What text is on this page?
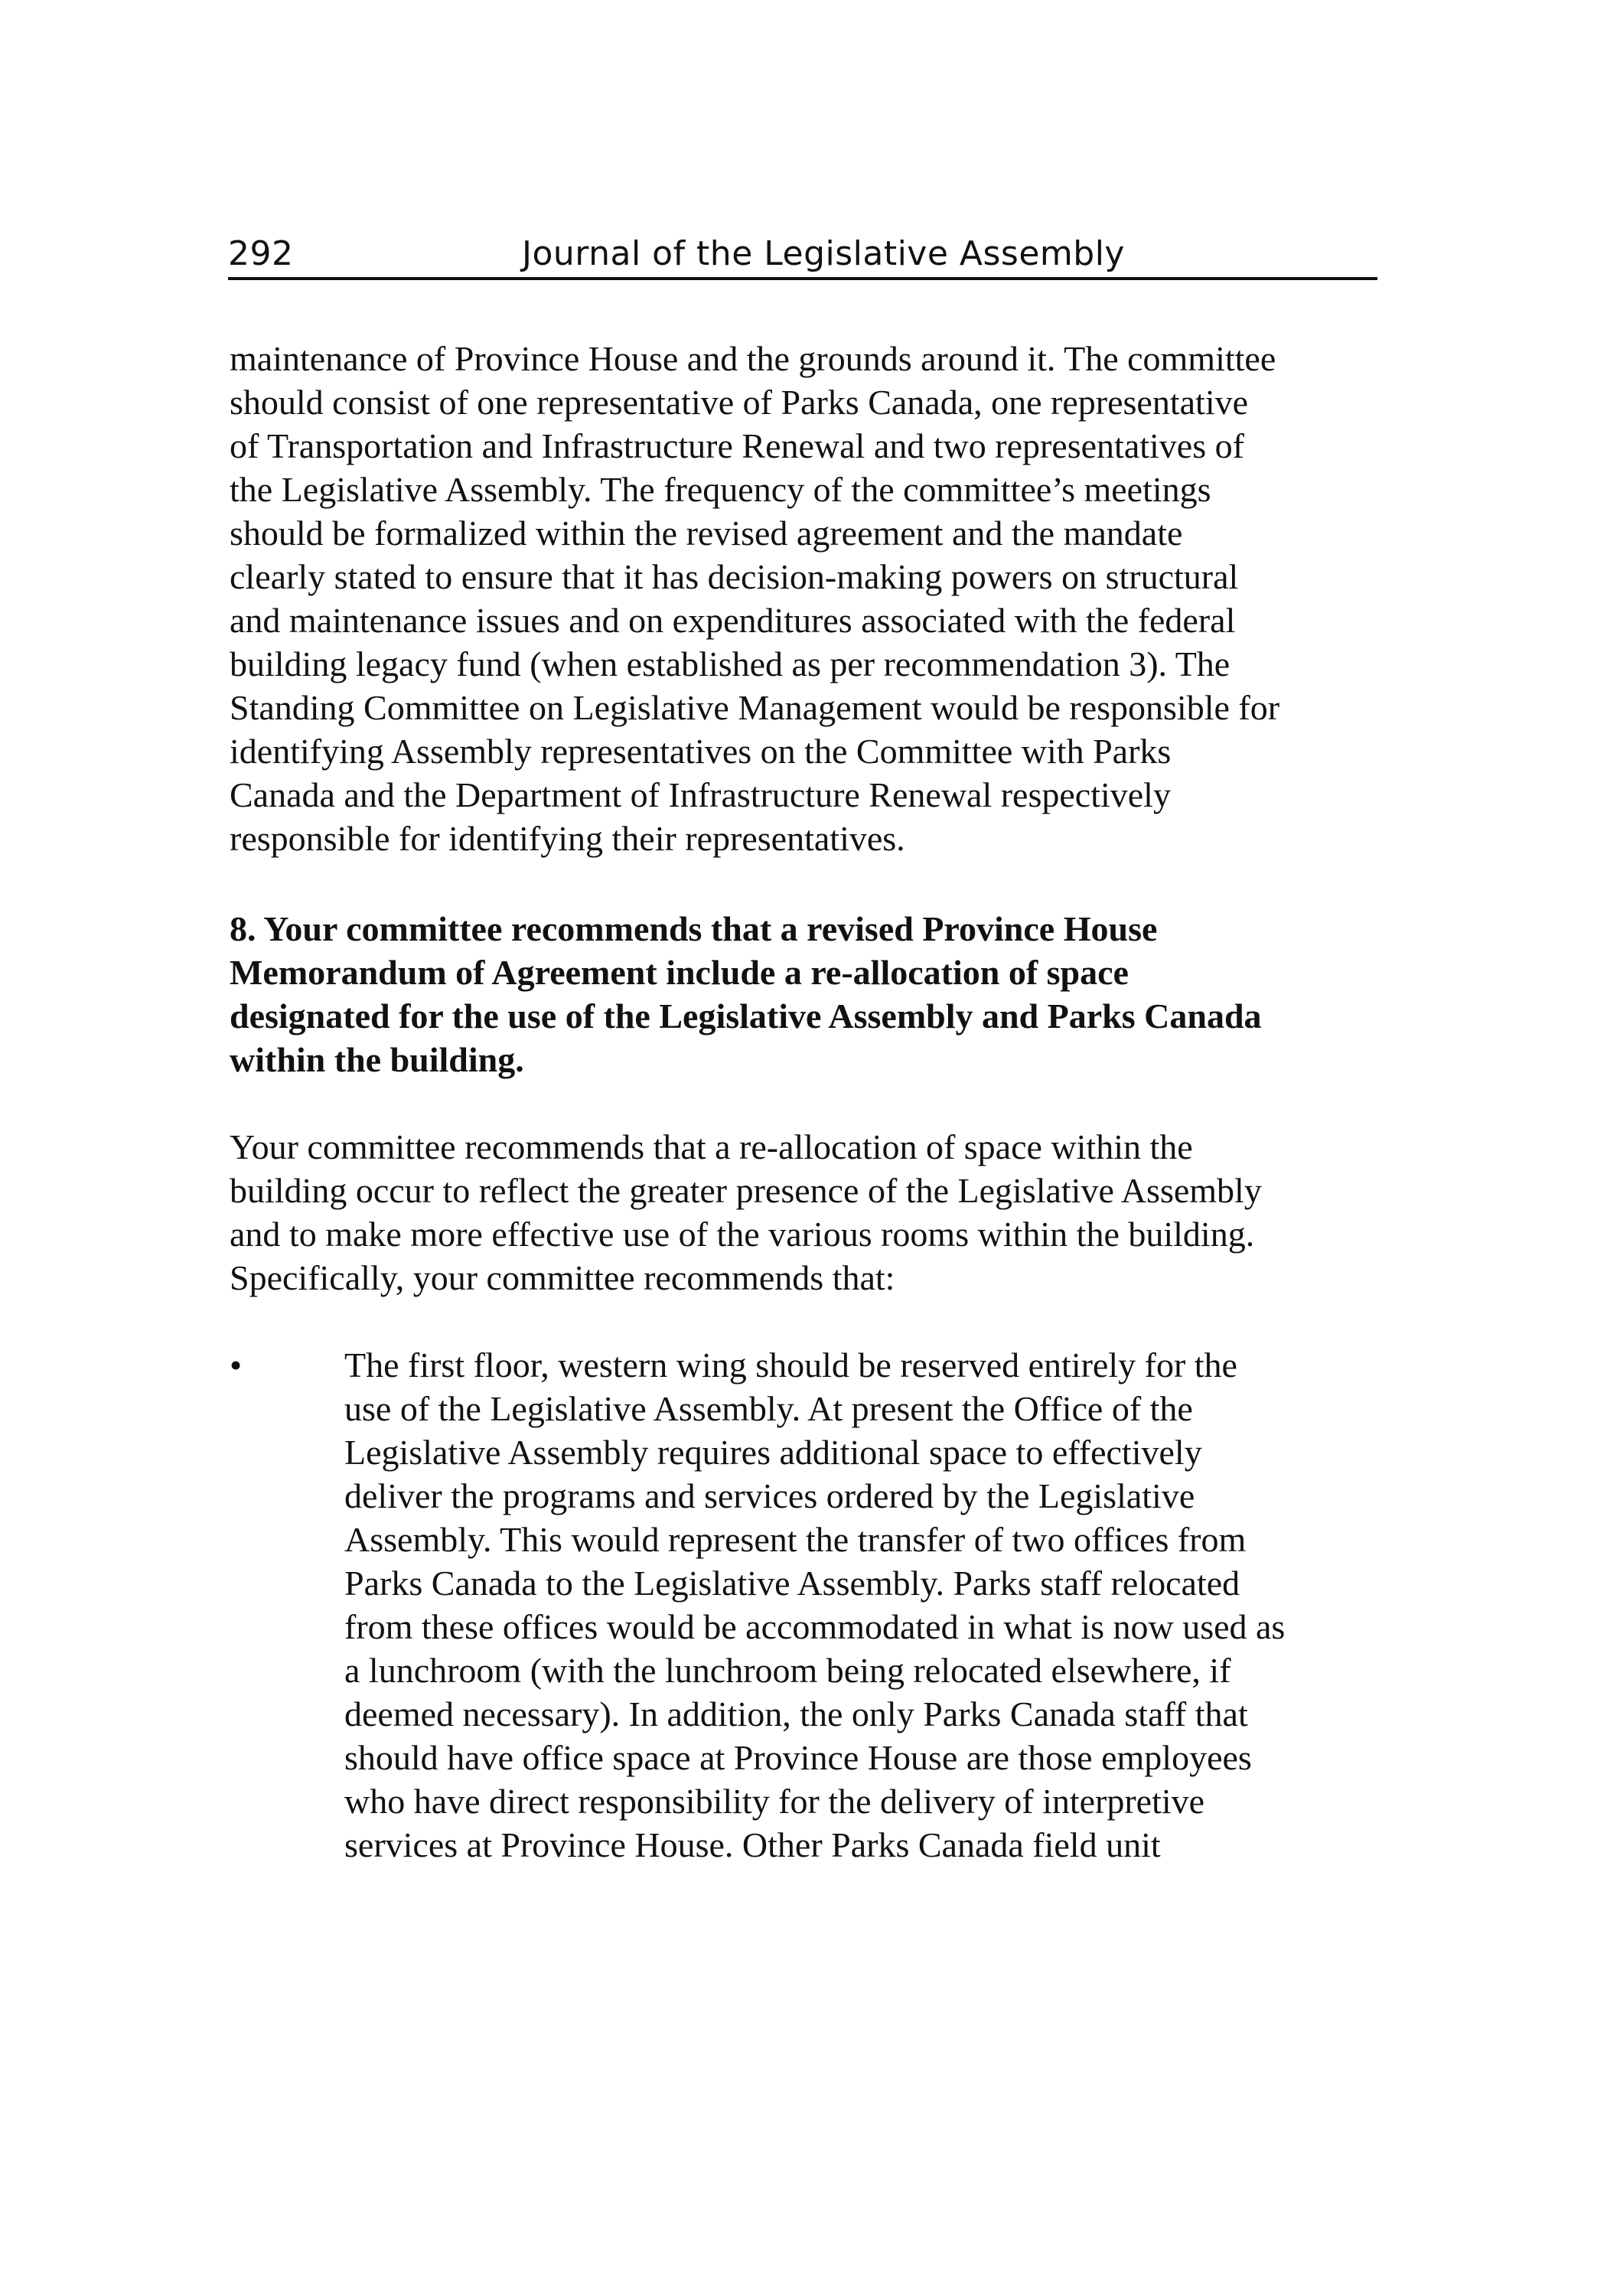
292	Journal of the Legislative Assembly

maintenance of Province House and the grounds around it. The committee
should consist of one representative of Parks Canada, one representative
of Transportation and Infrastructure Renewal and two representatives of
the Legislative Assembly. The frequency of the committee’s meetings
should be formalized within the revised agreement and the mandate
clearly stated to ensure that it has decision-making powers on structural
and maintenance issues and on expenditures associated with the federal
building legacy fund (when established as per recommendation 3). The
Standing Committee on Legislative Management would be responsible for
identifying Assembly representatives on the Committee with Parks
Canada and the Department of Infrastructure Renewal respectively
responsible for identifying their representatives.

8. Your committee recommends that a revised Province House
Memorandum of Agreement include a re-allocation of space
designated for the use of the Legislative Assembly and Parks Canada
within the building.

Your committee recommends that a re-allocation of space within the
building occur to reflect the greater presence of the Legislative Assembly
and to make more effective use of the various rooms within the building.
Specifically, your committee recommends that:

•	The first floor, western wing should be reserved entirely for the
use of the Legislative Assembly. At present the Office of the
Legislative Assembly requires additional space to effectively
deliver the programs and services ordered by the Legislative
Assembly. This would represent the transfer of two offices from
Parks Canada to the Legislative Assembly. Parks staff relocated
from these offices would be accommodated in what is now used as
a lunchroom (with the lunchroom being relocated elsewhere, if
deemed necessary). In addition, the only Parks Canada staff that
should have office space at Province House are those employees
who have direct responsibility for the delivery of interpretive
services at Province House. Other Parks Canada field unit
